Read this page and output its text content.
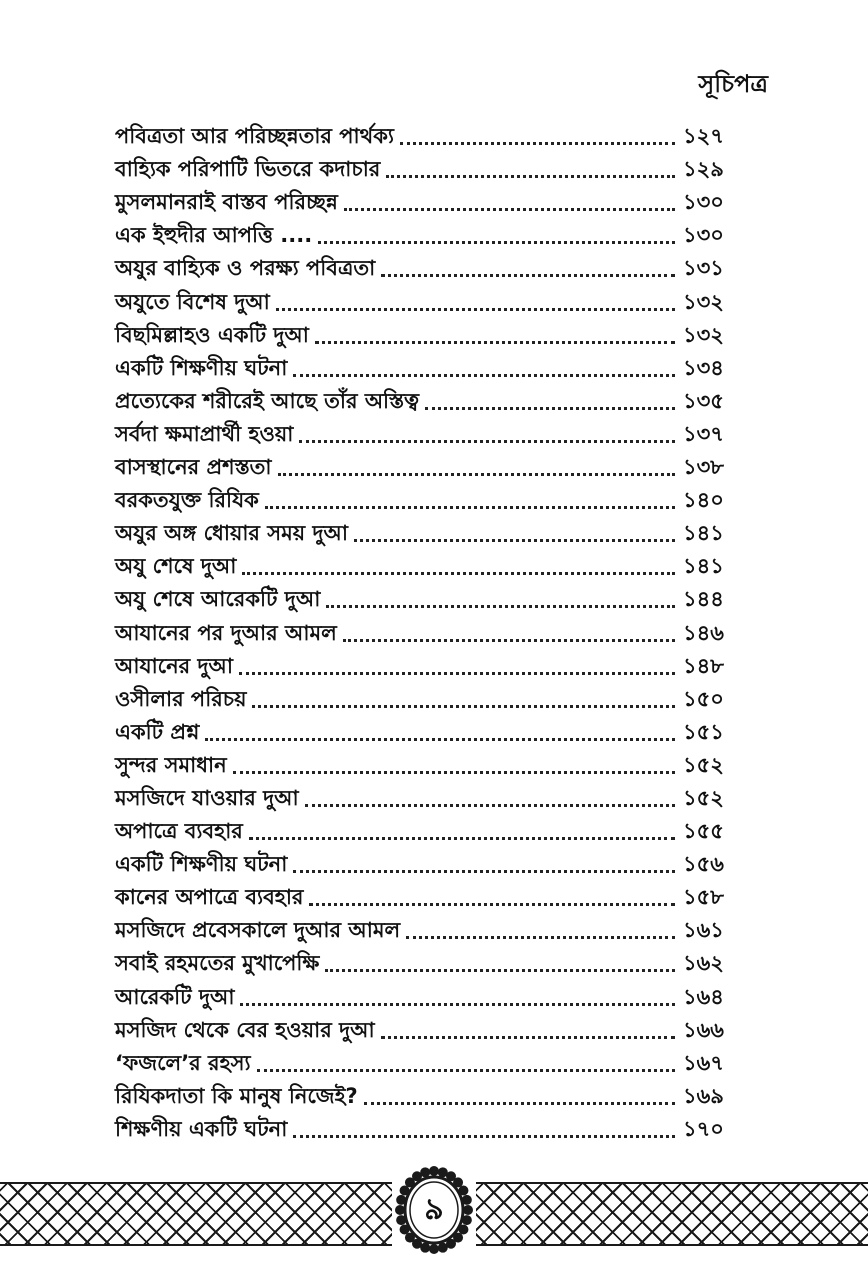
সূচিপত্র
পবিত্রতা আর পরিচ্ছন্নতার পার্থক্য	১২৭
বাহ্যিক পরিপাটি ভিতরে কদাচার	১২৯
মুসলমানরাই বাস্তব পরিচ্ছন্ন	১৩০
এক ইহুদীর আপত্তি ....	১৩০
অযুর বাহ্যিক ও পরক্ষ্য পবিত্রতা	১৩১
অযুতে বিশেষ দুআ	১৩২
বিছমিল্লাহও একটি দুআ	১৩২
একটি শিক্ষণীয় ঘটনা	১৩৪
প্রত্যেকের শরীরেই আছে তাঁর অস্তিত্ব	১৩৫
সর্বদা ক্ষমাপ্রার্থী হওয়া	১৩৭
বাসস্থানের প্রশস্ততা	১৩৮
বরকতযুক্ত রিযিক	১৪০
অযুর অঙ্গ ধোয়ার সময় দুআ	১৪১
অযু শেষে দুআ	১৪১
অযু শেষে আরেকটি দুআ	১৪৪
আযানের পর দুআর আমল	১৪৬
আযানের দুআ	১৪৮
ওসীলার পরিচয়	১৫০
একটি প্রশ্ন	১৫১
সুন্দর সমাধান	১৫২
মসজিদে যাওয়ার দুআ	১৫২
অপাত্রে ব্যবহার	১৫৫
একটি শিক্ষণীয় ঘটনা	১৫৬
কানের অপাত্রে ব্যবহার	১৫৮
মসজিদে প্রবেসকালে দুআর আমল	১৬১
সবাই রহমতের মুখাপেক্ষি	১৬২
আরেকটি দুআ	১৬৪
মসজিদ থেকে বের হওয়ার দুআ	১৬৬
‘ফজলে’র রহস্য	১৬৭
রিযিকদাতা কি মানুষ নিজেই?	১৬৯
শিক্ষণীয় একটি ঘটনা	১৭০
৯
